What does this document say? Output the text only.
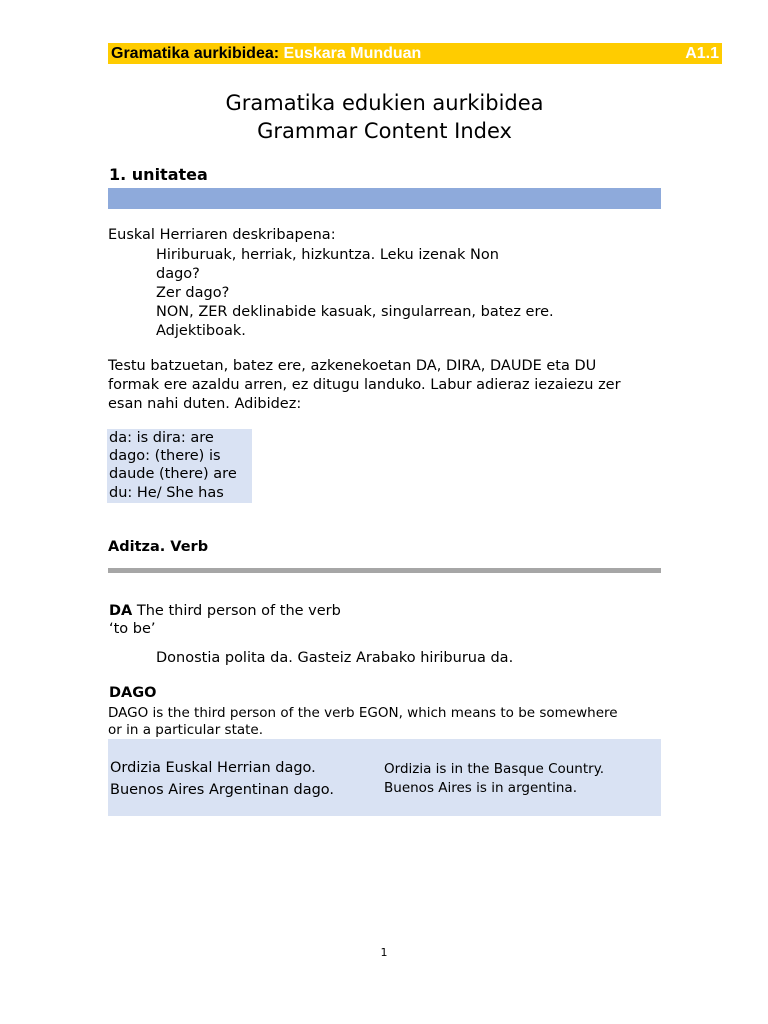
Gramatika aurkibidea: Euskara Munduan	A1.1
Gramatika edukien aurkibidea
Grammar Content Index
1. unitatea
Euskal Herriaren deskribapena:
Hiriburuak, herriak, hizkuntza. Leku izenak Non
dago?
Zer dago?
NON, ZER deklinabide kasuak, singularrean, batez ere.
Adjektiboak.
Testu batzuetan, batez ere, azkenekoetan DA, DIRA, DAUDE eta DU
formak ere azaldu arren, ez ditugu landuko. Labur adieraz iezaiezu zer
esan nahi duten. Adibidez:
da: is dira: are
dago: (there) is
daude (there) are
du: He/ She has
Aditza. Verb
DA The third person of the verb
‘to be’
Donostia polita da. Gasteiz Arabako hiriburua da.
DAGO
DAGO is the third person of the verb EGON, which means to be somewhere
or in a particular state.
Ordizia Euskal Herrian dago.	Ordizia is in the Basque Country.
Buenos Aires Argentinan dago.	Buenos Aires is in argentina.
1
